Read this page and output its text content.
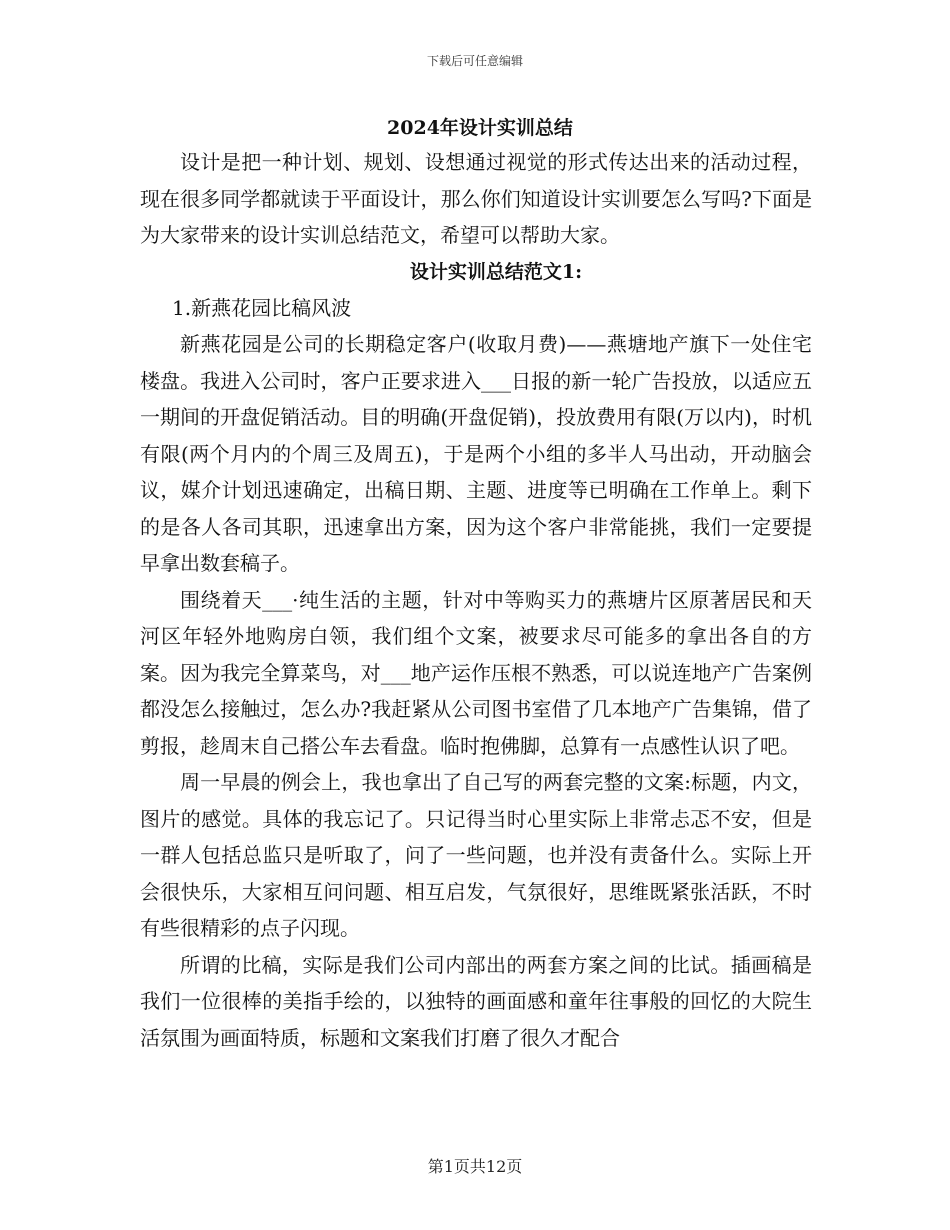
下载后可任意编辑
2024年设计实训总结

设计是把一种计划、规划、设想通过视觉的形式传达出来的活动过程，现在很多同学都就读于平面设计，那么你们知道设计实训要怎么写吗?下面是为大家带来的设计实训总结范文，希望可以帮助大家。

设计实训总结范文1:
1.新燕花园比稿风波

新燕花园是公司的长期稳定客户(收取月费)——燕塘地产旗下一处住宅楼盘。我进入公司时，客户正要求进入___日报的新一轮广告投放，以适应五一期间的开盘促销活动。目的明确(开盘促销)，投放费用有限(万以内)，时机有限(两个月内的个周三及周五)，于是两个小组的多半人马出动，开动脑会议，媒介计划迅速确定，出稿日期、主题、进度等已明确在工作单上。剩下的是各人各司其职，迅速拿出方案，因为这个客户非常能挑，我们一定要提早拿出数套稿子。

围绕着天___·纯生活的主题，针对中等购买力的燕塘片区原著居民和天河区年轻外地购房白领，我们组个文案，被要求尽可能多的拿出各自的方案。因为我完全算菜鸟，对___地产运作压根不熟悉，可以说连地产广告案例都没怎么接触过，怎么办?我赶紧从公司图书室借了几本地产广告集锦，借了剪报，趁周末自己搭公车去看盘。临时抱佛脚，总算有一点感性认识了吧。

周一早晨的例会上，我也拿出了自己写的两套完整的文案:标题，内文，图片的感觉。具体的我忘记了。只记得当时心里实际上非常忐忑不安，但是一群人包括总监只是听取了，问了一些问题，也并没有责备什么。实际上开会很快乐，大家相互问问题、相互启发，气氛很好，思维既紧张活跃，不时有些很精彩的点子闪现。

所谓的比稿，实际是我们公司内部出的两套方案之间的比试。插画稿是我们一位很棒的美指手绘的，以独特的画面感和童年往事般的回忆的大院生活氛围为画面特质，标题和文案我们打磨了很久才配合

第1页共12页
